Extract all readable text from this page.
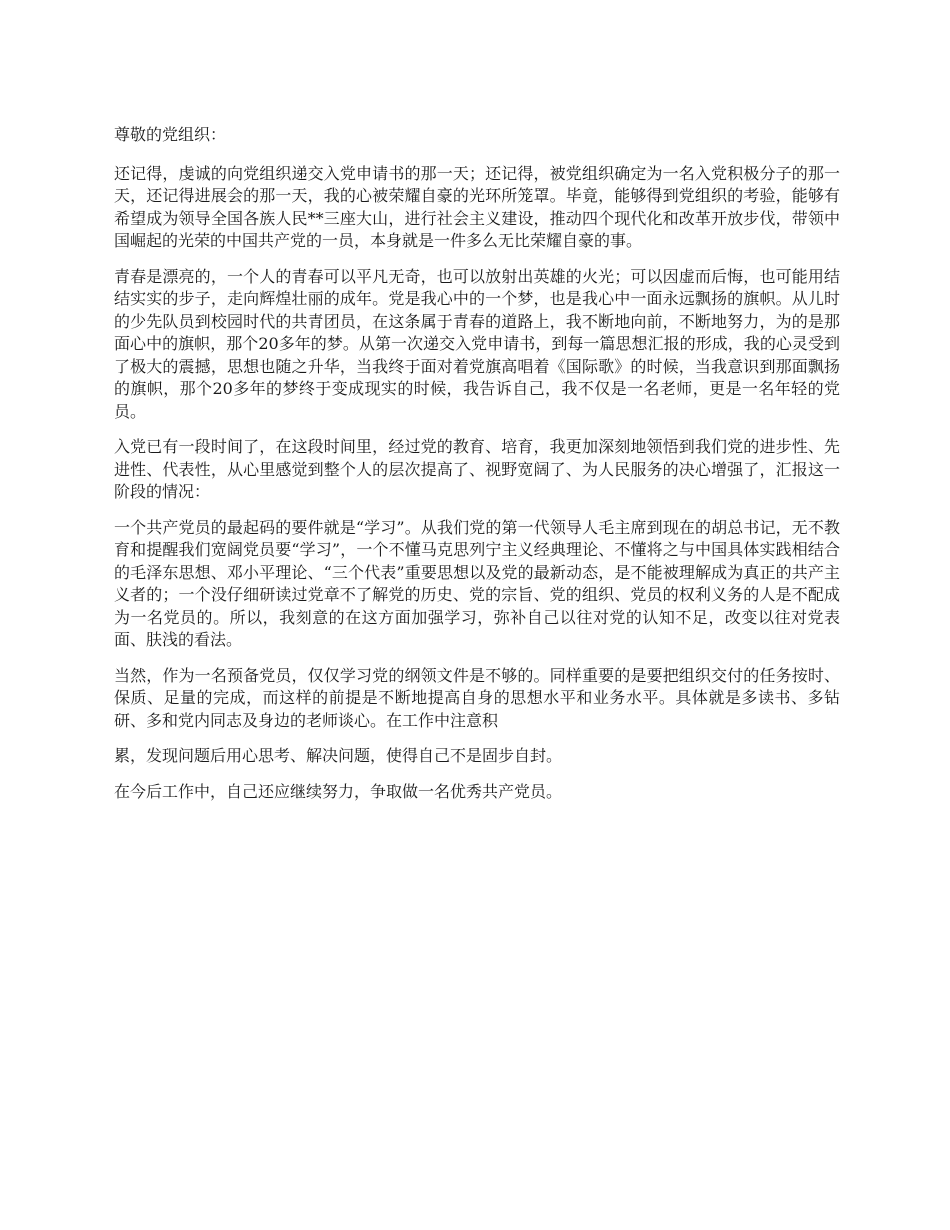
尊敬的党组织：

还记得，虔诚的向党组织递交入党申请书的那一天；还记得，被党组织确定为一名入党积极分子的那一天，还记得进展会的那一天，我的心被荣耀自豪的光环所笼罩。毕竟，能够得到党组织的考验，能够有希望成为领导全国各族人民**三座大山，进行社会主义建设，推动四个现代化和改革开放步伐，带领中国崛起的光荣的中国共产党的一员，本身就是一件多么无比荣耀自豪的事。

青春是漂亮的，一个人的青春可以平凡无奇，也可以放射出英雄的火光；可以因虚而后悔，也可能用结结实实的步子，走向辉煌壮丽的成年。党是我心中的一个梦，也是我心中一面永远飘扬的旗帜。从儿时的少先队员到校园时代的共青团员，在这条属于青春的道路上，我不断地向前，不断地努力，为的是那面心中的旗帜，那个20多年的梦。从第一次递交入党申请书，到每一篇思想汇报的形成，我的心灵受到了极大的震撼，思想也随之升华，当我终于面对着党旗高唱着《国际歌》的时候，当我意识到那面飘扬的旗帜，那个20多年的梦终于变成现实的时候，我告诉自己，我不仅是一名老师，更是一名年轻的党员。

入党已有一段时间了，在这段时间里，经过党的教育、培育，我更加深刻地领悟到我们党的进步性、先进性、代表性，从心里感觉到整个人的层次提高了、视野宽阔了、为人民服务的决心增强了，汇报这一阶段的情况：

一个共产党员的最起码的要件就是“学习”。从我们党的第一代领导人毛主席到现在的胡总书记，无不教育和提醒我们宽阔党员要“学习”，一个不懂马克思列宁主义经典理论、不懂将之与中国具体实践相结合的毛泽东思想、邓小平理论、“三个代表”重要思想以及党的最新动态，是不能被理解成为真正的共产主义者的；一个没仔细研读过党章不了解党的历史、党的宗旨、党的组织、党员的权利义务的人是不配成为一名党员的。所以，我刻意的在这方面加强学习，弥补自己以往对党的认知不足，改变以往对党表面、肤浅的看法。

当然，作为一名预备党员，仅仅学习党的纲领文件是不够的。同样重要的是要把组织交付的任务按时、保质、足量的完成，而这样的前提是不断地提高自身的思想水平和业务水平。具体就是多读书、多钻研、多和党内同志及身边的老师谈心。在工作中注意积

累，发现问题后用心思考、解决问题，使得自己不是固步自封。

在今后工作中，自己还应继续努力，争取做一名优秀共产党员。
